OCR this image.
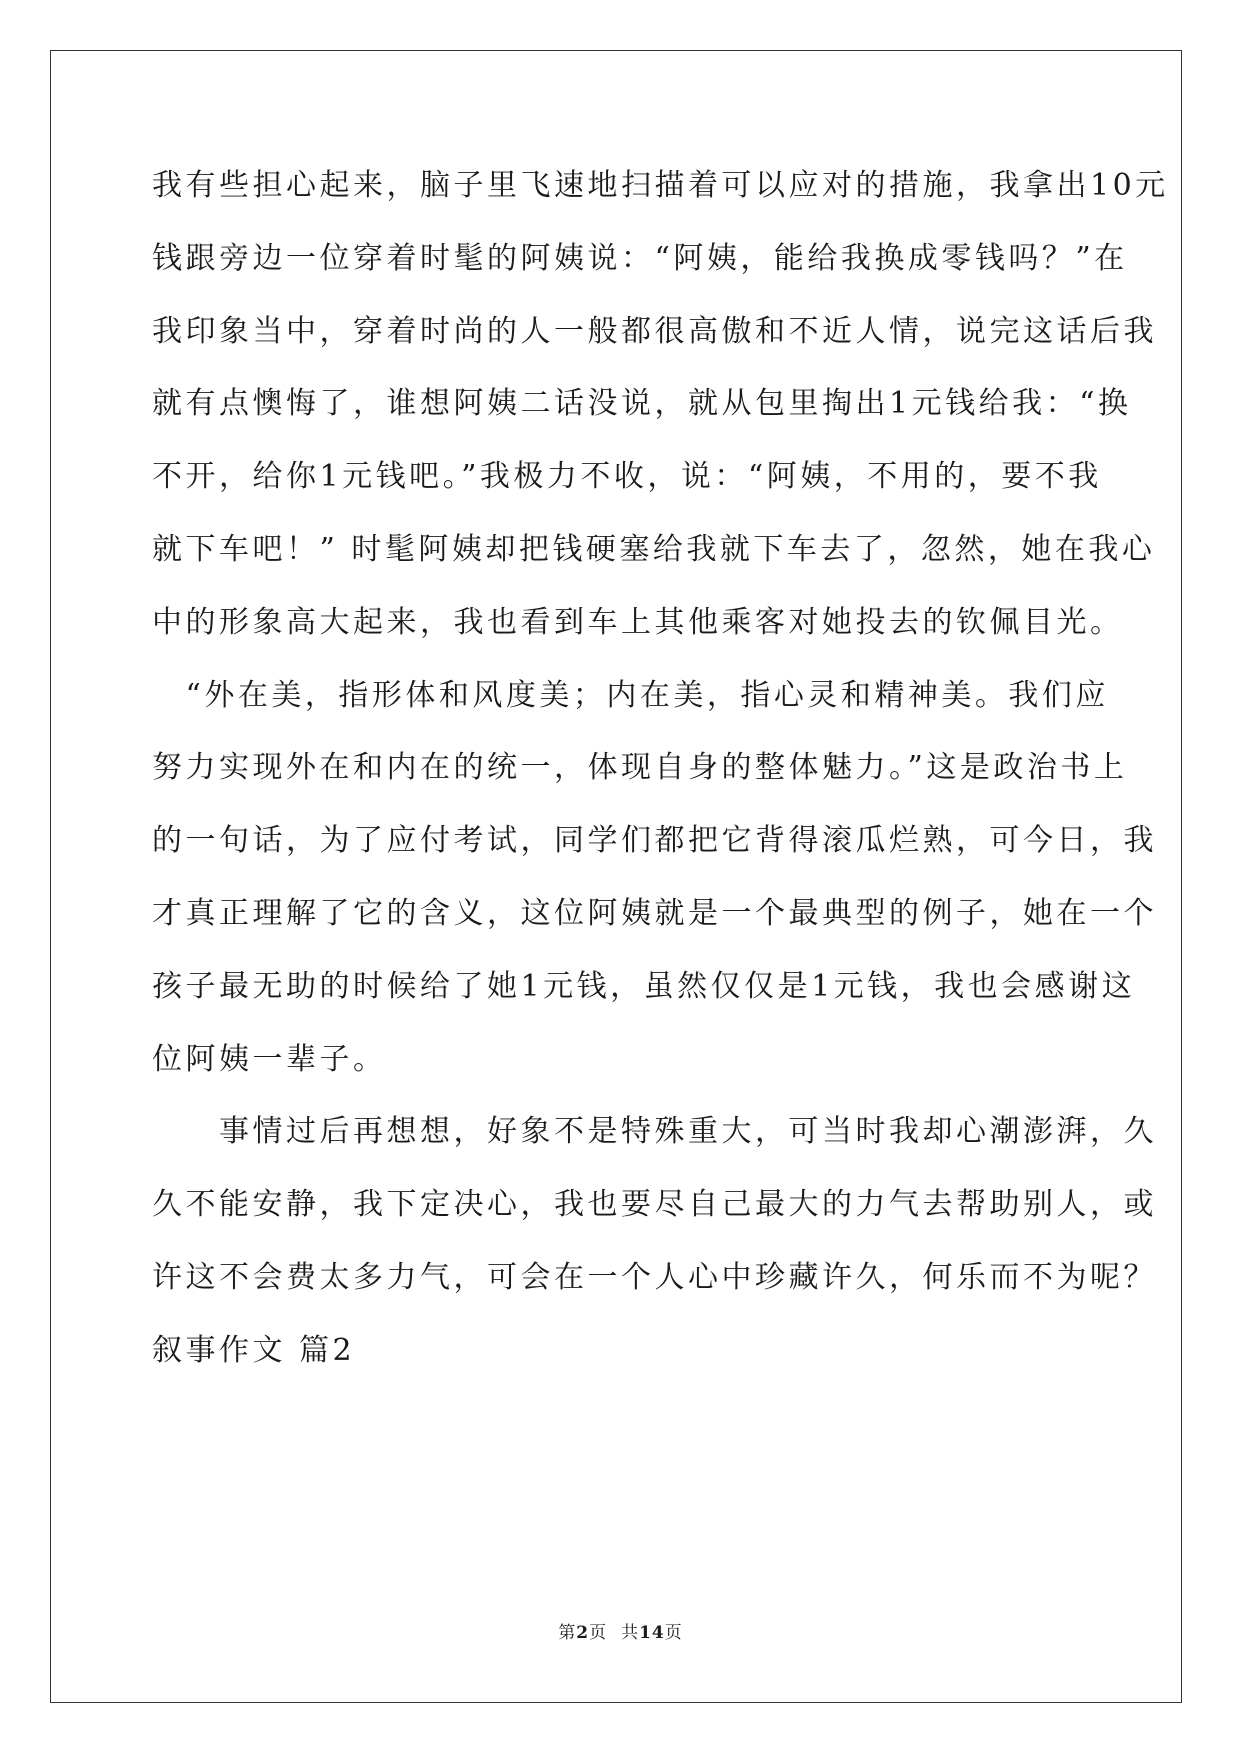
我有些担心起来，脑子里飞速地扫描着可以应对的措施，我拿出10元
钱跟旁边一位穿着时髦的阿姨说：“阿姨，能给我换成零钱吗？”在
我印象当中，穿着时尚的人一般都很高傲和不近人情，说完这话后我
就有点懊悔了，谁想阿姨二话没说，就从包里掏出1元钱给我：“换
不开，给你1元钱吧。”我极力不收，说：“阿姨，不用的，要不我
就下车吧！” 时髦阿姨却把钱硬塞给我就下车去了，忽然，她在我心
中的形象高大起来，我也看到车上其他乘客对她投去的钦佩目光。
　“外在美，指形体和风度美；内在美，指心灵和精神美。我们应
努力实现外在和内在的统一，体现自身的整体魅力。”这是政治书上
的一句话，为了应付考试，同学们都把它背得滚瓜烂熟，可今日，我
才真正理解了它的含义，这位阿姨就是一个最典型的例子，她在一个
孩子最无助的时候给了她1元钱，虽然仅仅是1元钱，我也会感谢这
位阿姨一辈子。
　　事情过后再想想，好象不是特殊重大，可当时我却心潮澎湃，久
久不能安静，我下定决心，我也要尽自己最大的力气去帮助别人，或
许这不会费太多力气，可会在一个人心中珍藏许久，何乐而不为呢？
叙事作文 篇2
第2页 共14页
